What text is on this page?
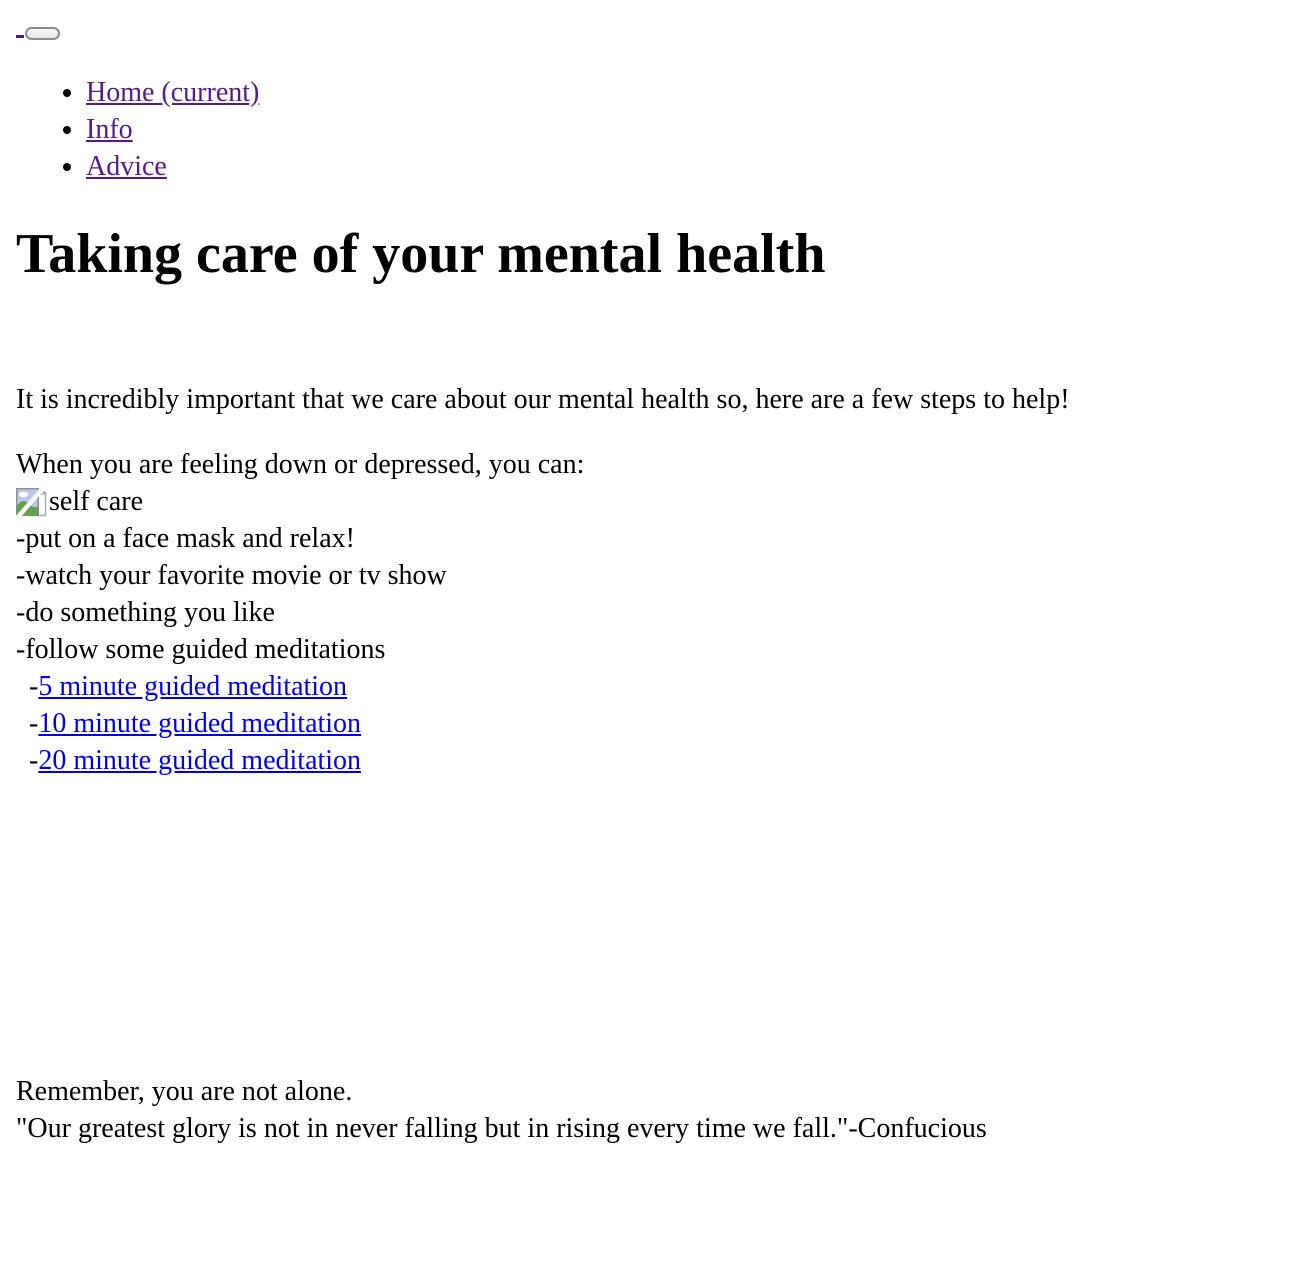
• Home (current)
• Info
• Advice
Taking care of your mental health

It is incredibly important that we care about our mental health so, here are a few steps to help!

When you are feeling down or depressed, you can:
self care
-put on a face mask and relax!
-watch your favorite movie or tv show
-do something you like
-follow some guided meditations
-5 minute guided meditation
-10 minute guided meditation
-20 minute guided meditation

Remember, you are not alone.
"Our greatest glory is not in never falling but in rising every time we fall."-Confucious
